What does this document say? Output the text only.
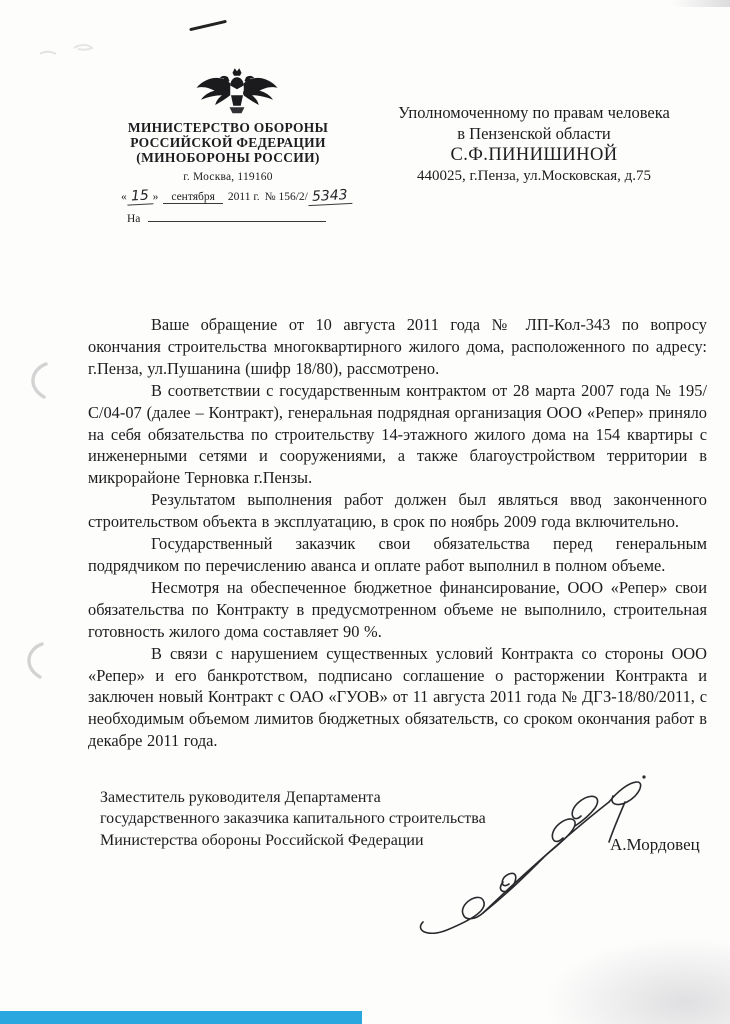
МИНИСТЕРСТВО ОБОРОНЫ
РОССИЙСКОЙ ФЕДЕРАЦИИ
(МИНОБОРОНЫ РОССИИ)
г. Москва, 119160
« 15 »	сентября	2011 г. № 156/2/ 5343
На
Уполномоченному по правам человека
в Пензенской области
С.Ф.ПИНИШИНОЙ
440025, г.Пенза, ул.Московская, д.75

Ваше обращение от 10 августа 2011 года № ЛП-Кол-343 по вопросу окончания строительства многоквартирного жилого дома, расположенного по адресу: г.Пенза, ул.Пушанина (шифр 18/80), рассмотрено.

В соответствии с государственным контрактом от 28 марта 2007 года № 195/С/04-07 (далее – Контракт), генеральная подрядная организация ООО «Репер» приняло на себя обязательства по строительству 14-этажного жилого дома на 154 квартиры с инженерными сетями и сооружениями, а также благоустройством территории в микрорайоне Терновка г.Пензы.

Результатом выполнения работ должен был являться ввод законченного строительством объекта в эксплуатацию, в срок по ноябрь 2009 года включительно.

Государственный заказчик свои обязательства перед генеральным подрядчиком по перечислению аванса и оплате работ выполнил в полном объеме.

Несмотря на обеспеченное бюджетное финансирование, ООО «Репер» свои обязательства по Контракту в предусмотренном объеме не выполнило, строительная готовность жилого дома составляет 90 %.

В связи с нарушением существенных условий Контракта со стороны ООО «Репер» и его банкротством, подписано соглашение о расторжении Контракта и заключен новый Контракт с ОАО «ГУОВ» от 11 августа 2011 года № ДГЗ-18/80/2011, с необходимым объемом лимитов бюджетных обязательств, со сроком окончания работ в декабре 2011 года.

Заместитель руководителя Департамента
государственного заказчика капитального строительства
Министерства обороны Российской Федерации	А.Мордовец
